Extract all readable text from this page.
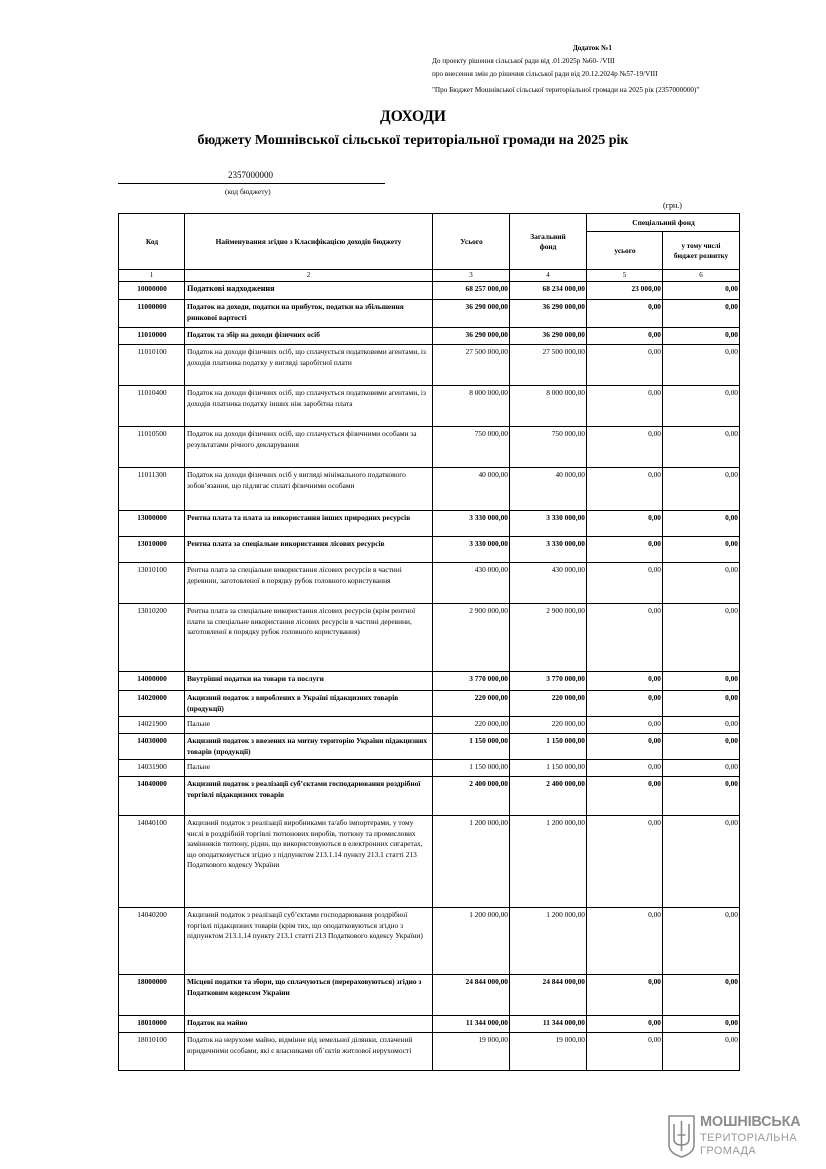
Додаток №1
До проекту рішення сільської ради від .01.2025р №60- /VIII
про внесення змін до рішення сільської ради від 20.12.2024р №57-19/VIII
"Про Бюджет Мошнівської сільської територіальної громади на 2025 рік (2357000000)"
ДОХОДИ
бюджету Мошнівської сільської територіальної громади на 2025 рік
2357000000
(код бюджету)
(грн.)
Код	Найменування згідно з Класифікацією доходів бюджету	Усього	Загальний фонд	Спеціальний фонд	
				усього	у тому числі бюджет розвитку
1	2	3	4	5	6
10000000	Податкові надходження	68 257 000,00	68 234 000,00	23 000,00	0,00
11000000	Податок на доходи, податки на прибуток, податки на збільшення ринкової вартості	36 290 000,00	36 290 000,00	0,00	0,00
11010000	Податок та збір на доходи фізичних осіб	36 290 000,00	36 290 000,00	0,00	0,00
11010100	Податок на доходи фізичних осіб, що сплачується податковими агентами, із доходів платника податку у вигляді заробітної плати	27 500 000,00	27 500 000,00	0,00	0,00
11010400	Податок на доходи фізичних осіб, що сплачується податковими агентами, із доходів платника податку інших ніж заробітна плата	8 000 000,00	8 000 000,00	0,00	0,00
11010500	Податок на доходи фізичних осіб, що сплачується фізичними особами за результатами річного декларування	750 000,00	750 000,00	0,00	0,00
11011300	Податок на доходи фізичних осіб у вигляді мінімального податкового зобов’язання, що підлягає сплаті фізичними особами	40 000,00	40 000,00	0,00	0,00
13000000	Рентна плата та плата за використання інших природних ресурсів	3 330 000,00	3 330 000,00	0,00	0,00
13010000	Рентна плата за спеціальне використання лісових ресурсів	3 330 000,00	3 330 000,00	0,00	0,00
13010100	Рентна плата за спеціальне використання лісових ресурсів в частині деревини, заготовленої в порядку рубок головного користування	430 000,00	430 000,00	0,00	0,00
13010200	Рентна плата за спеціальне використання лісових ресурсів (крім рентної плати за спеціальне використання лісових ресурсів в частині деревини, заготовленої в порядку рубок головного користування)	2 900 000,00	2 900 000,00	0,00	0,00
14000000	Внутрішні податки на товари та послуги	3 770 000,00	3 770 000,00	0,00	0,00
14020000	Акцизний податок з вироблених в Україні підакцизних товарів (продукції)	220 000,00	220 000,00	0,00	0,00
14021900	Пальне	220 000,00	220 000,00	0,00	0,00
14030000	Акцизний податок з ввезених на митну територію України підакцизних товарів (продукції)	1 150 000,00	1 150 000,00	0,00	0,00
14031900	Пальне	1 150 000,00	1 150 000,00	0,00	0,00
14040000	Акцизний податок з реалізації суб’єктами господарювання роздрібної торгівлі підакцизних товарів	2 400 000,00	2 400 000,00	0,00	0,00
14040100	Акцизний податок з реалізації виробниками та/або імпортерами, у тому числі в роздрібній торгівлі тютюнових виробів, тютюну та промислових замінників тютюну, рідин, що використовуються в електронних сигаретах, що оподатковується згідно з підпунктом 213.1.14 пункту 213.1 статті 213 Податкового кодексу України	1 200 000,00	1 200 000,00	0,00	0,00
14040200	Акцизний податок з реалізації суб’єктами господарювання роздрібної торгівлі підакцизних товарів (крім тих, що оподатковуються згідно з підпунктом 213.1.14 пункту 213.1 статті 213 Податкового кодексу України)	1 200 000,00	1 200 000,00	0,00	0,00
18000000	Місцеві податки та збори, що сплачуються (перераховуються) згідно з Податковим кодексом України	24 844 000,00	24 844 000,00	0,00	0,00
18010000	Податок на майно	11 344 000,00	11 344 000,00	0,00	0,00
18010100	Податок на нерухоме майно, відмінне від земельної ділянки, сплачений юридичними особами, які є власниками об`єктів житлової нерухомості	19 000,00	19 000,00	0,00	0,00
МОШНІВСЬКА
ТЕРИТОРІАЛЬНА
ГРОМАДА
